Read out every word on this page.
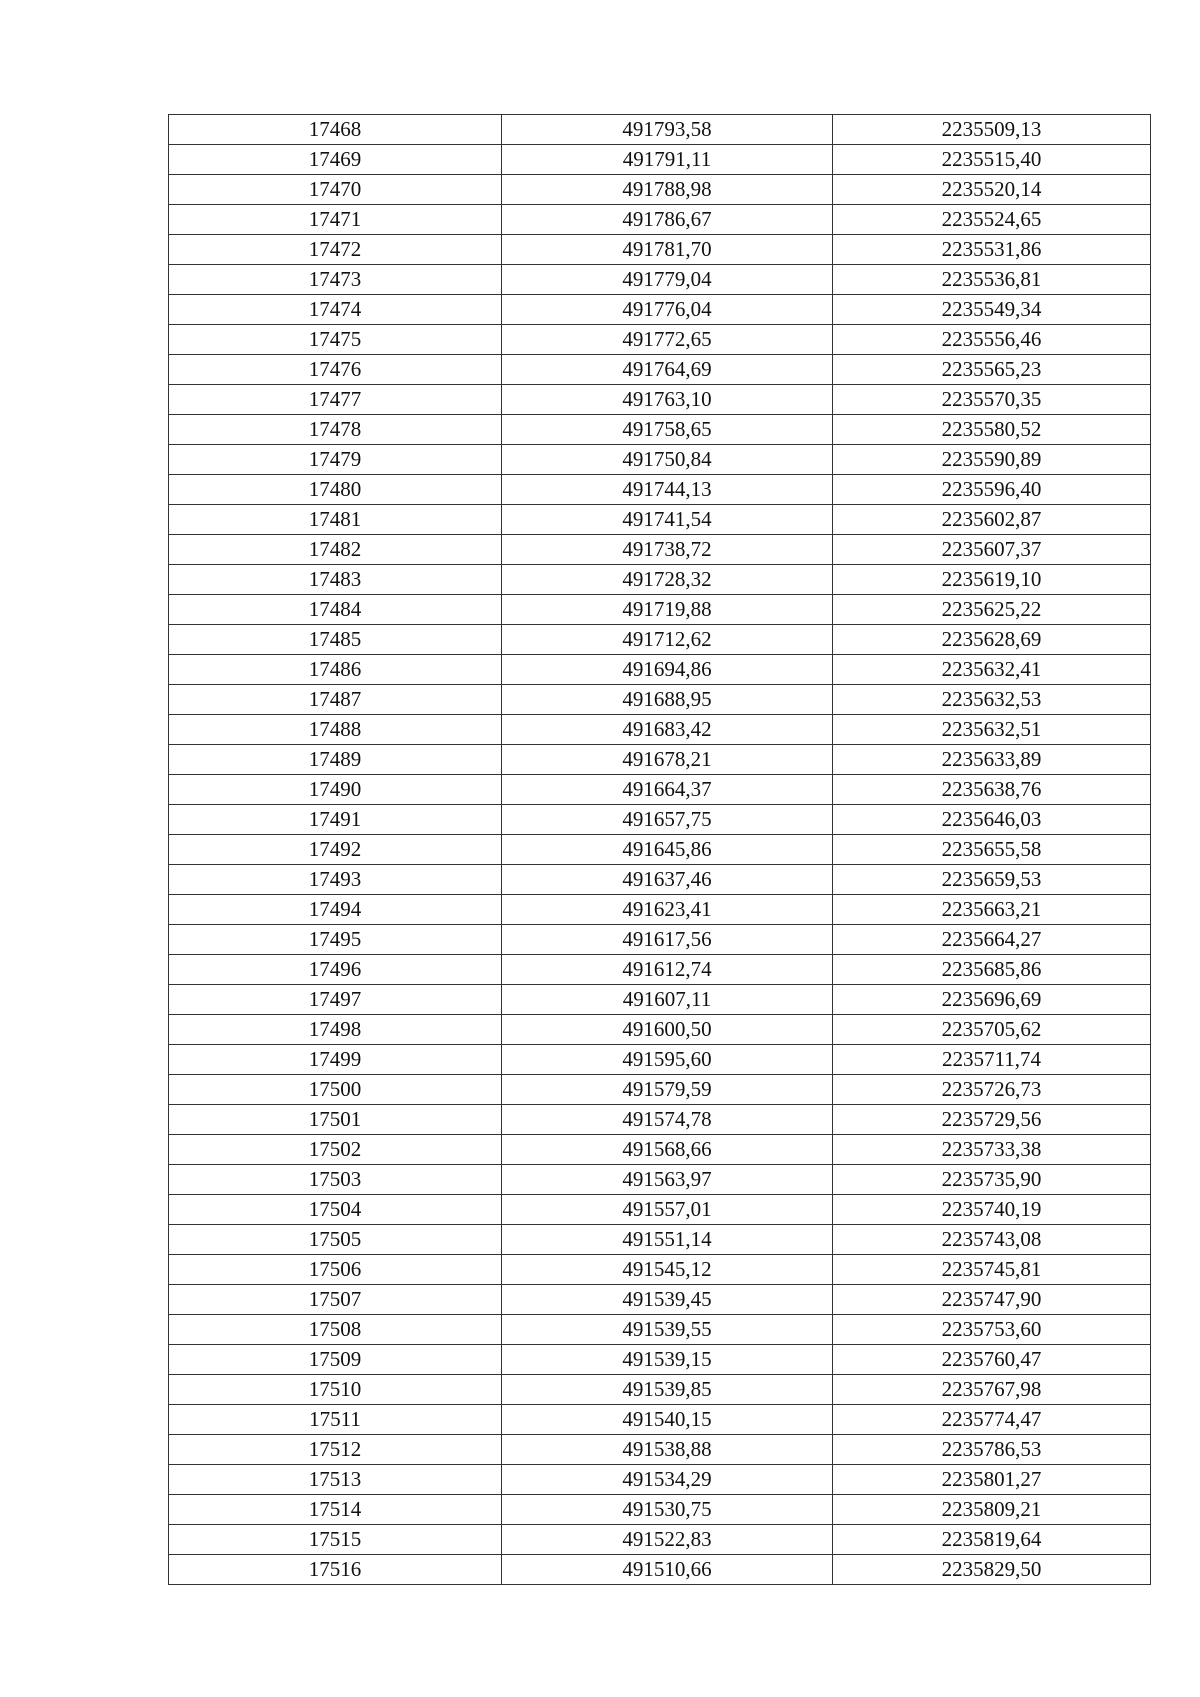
17468	491793,58	2235509,13
17469	491791,11	2235515,40
17470	491788,98	2235520,14
17471	491786,67	2235524,65
17472	491781,70	2235531,86
17473	491779,04	2235536,81
17474	491776,04	2235549,34
17475	491772,65	2235556,46
17476	491764,69	2235565,23
17477	491763,10	2235570,35
17478	491758,65	2235580,52
17479	491750,84	2235590,89
17480	491744,13	2235596,40
17481	491741,54	2235602,87
17482	491738,72	2235607,37
17483	491728,32	2235619,10
17484	491719,88	2235625,22
17485	491712,62	2235628,69
17486	491694,86	2235632,41
17487	491688,95	2235632,53
17488	491683,42	2235632,51
17489	491678,21	2235633,89
17490	491664,37	2235638,76
17491	491657,75	2235646,03
17492	491645,86	2235655,58
17493	491637,46	2235659,53
17494	491623,41	2235663,21
17495	491617,56	2235664,27
17496	491612,74	2235685,86
17497	491607,11	2235696,69
17498	491600,50	2235705,62
17499	491595,60	2235711,74
17500	491579,59	2235726,73
17501	491574,78	2235729,56
17502	491568,66	2235733,38
17503	491563,97	2235735,90
17504	491557,01	2235740,19
17505	491551,14	2235743,08
17506	491545,12	2235745,81
17507	491539,45	2235747,90
17508	491539,55	2235753,60
17509	491539,15	2235760,47
17510	491539,85	2235767,98
17511	491540,15	2235774,47
17512	491538,88	2235786,53
17513	491534,29	2235801,27
17514	491530,75	2235809,21
17515	491522,83	2235819,64
17516	491510,66	2235829,50
